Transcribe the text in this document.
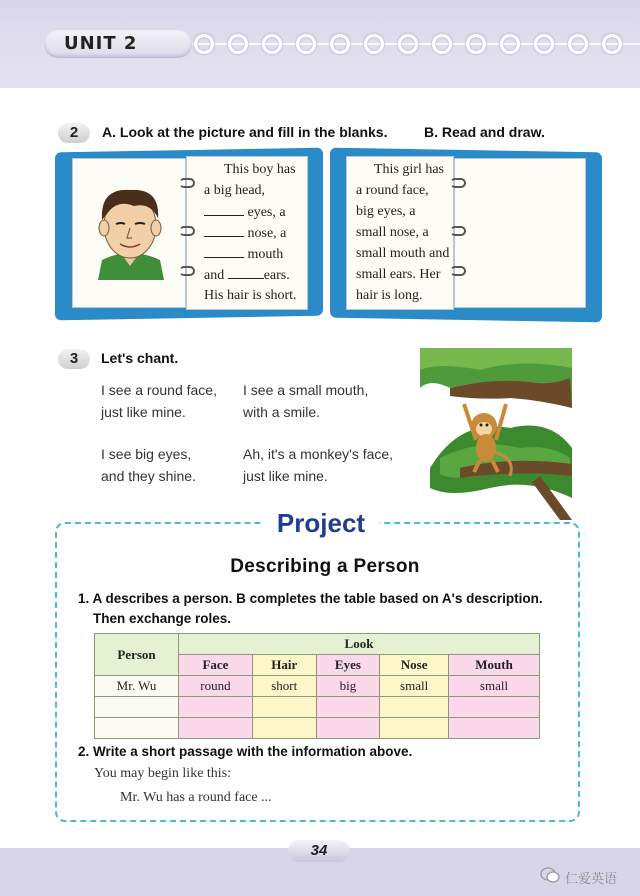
UNIT 2
2	A. Look at the picture and fill in the blanks.	B. Read and draw.
This boy has
a big head,
eyes, a
nose, a
mouth
and	ears.
His hair is short.
This girl has
a round face,
big eyes, a
small nose, a
small mouth and
small ears. Her
hair is long.
3	Let's chant.
I see a round face,
just like mine.
I see a small mouth,
with a smile.
I see big eyes,
and they shine.
Ah, it's a monkey's face,
just like mine.
Project
Describing a Person
1. A describes a person. B completes the table based on A's description.
Then exchange roles.
Person	Look				
	Face	Hair	Eyes	Nose	Mouth
Mr. Wu	round	short	big	small	small

2. Write a short passage with the information above.
You may begin like this:
Mr. Wu has a round face ...
34
仁爱英语
